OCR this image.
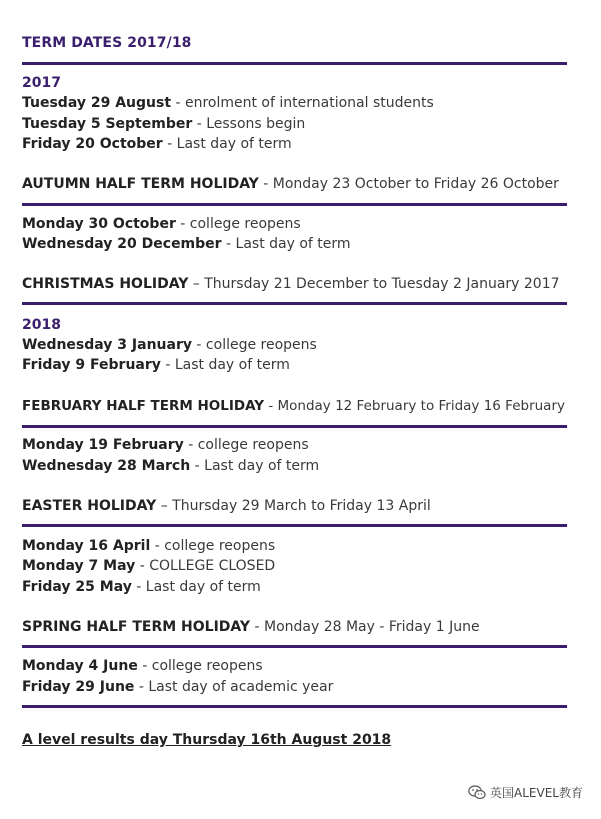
TERM DATES 2017/18
2017
Tuesday 29 August - enrolment of international students
Tuesday 5 September - Lessons begin
Friday 20 October - Last day of term
AUTUMN HALF TERM HOLIDAY - Monday 23 October to Friday 26 October
Monday 30 October - college reopens
Wednesday 20 December - Last day of term
CHRISTMAS HOLIDAY – Thursday 21 December to Tuesday 2 January 2017
2018
Wednesday 3 January - college reopens
Friday 9 February - Last day of term
FEBRUARY HALF TERM HOLIDAY - Monday 12 February to Friday 16 February
Monday 19 February - college reopens
Wednesday 28 March - Last day of term
EASTER HOLIDAY – Thursday 29 March to Friday 13 April
Monday 16 April - college reopens
Monday 7 May - COLLEGE CLOSED
Friday 25 May - Last day of term
SPRING HALF TERM HOLIDAY - Monday 28 May - Friday 1 June
Monday 4 June - college reopens
Friday 29 June - Last day of academic year
A level results day Thursday 16th August 2018
英国ALEVEL教育
